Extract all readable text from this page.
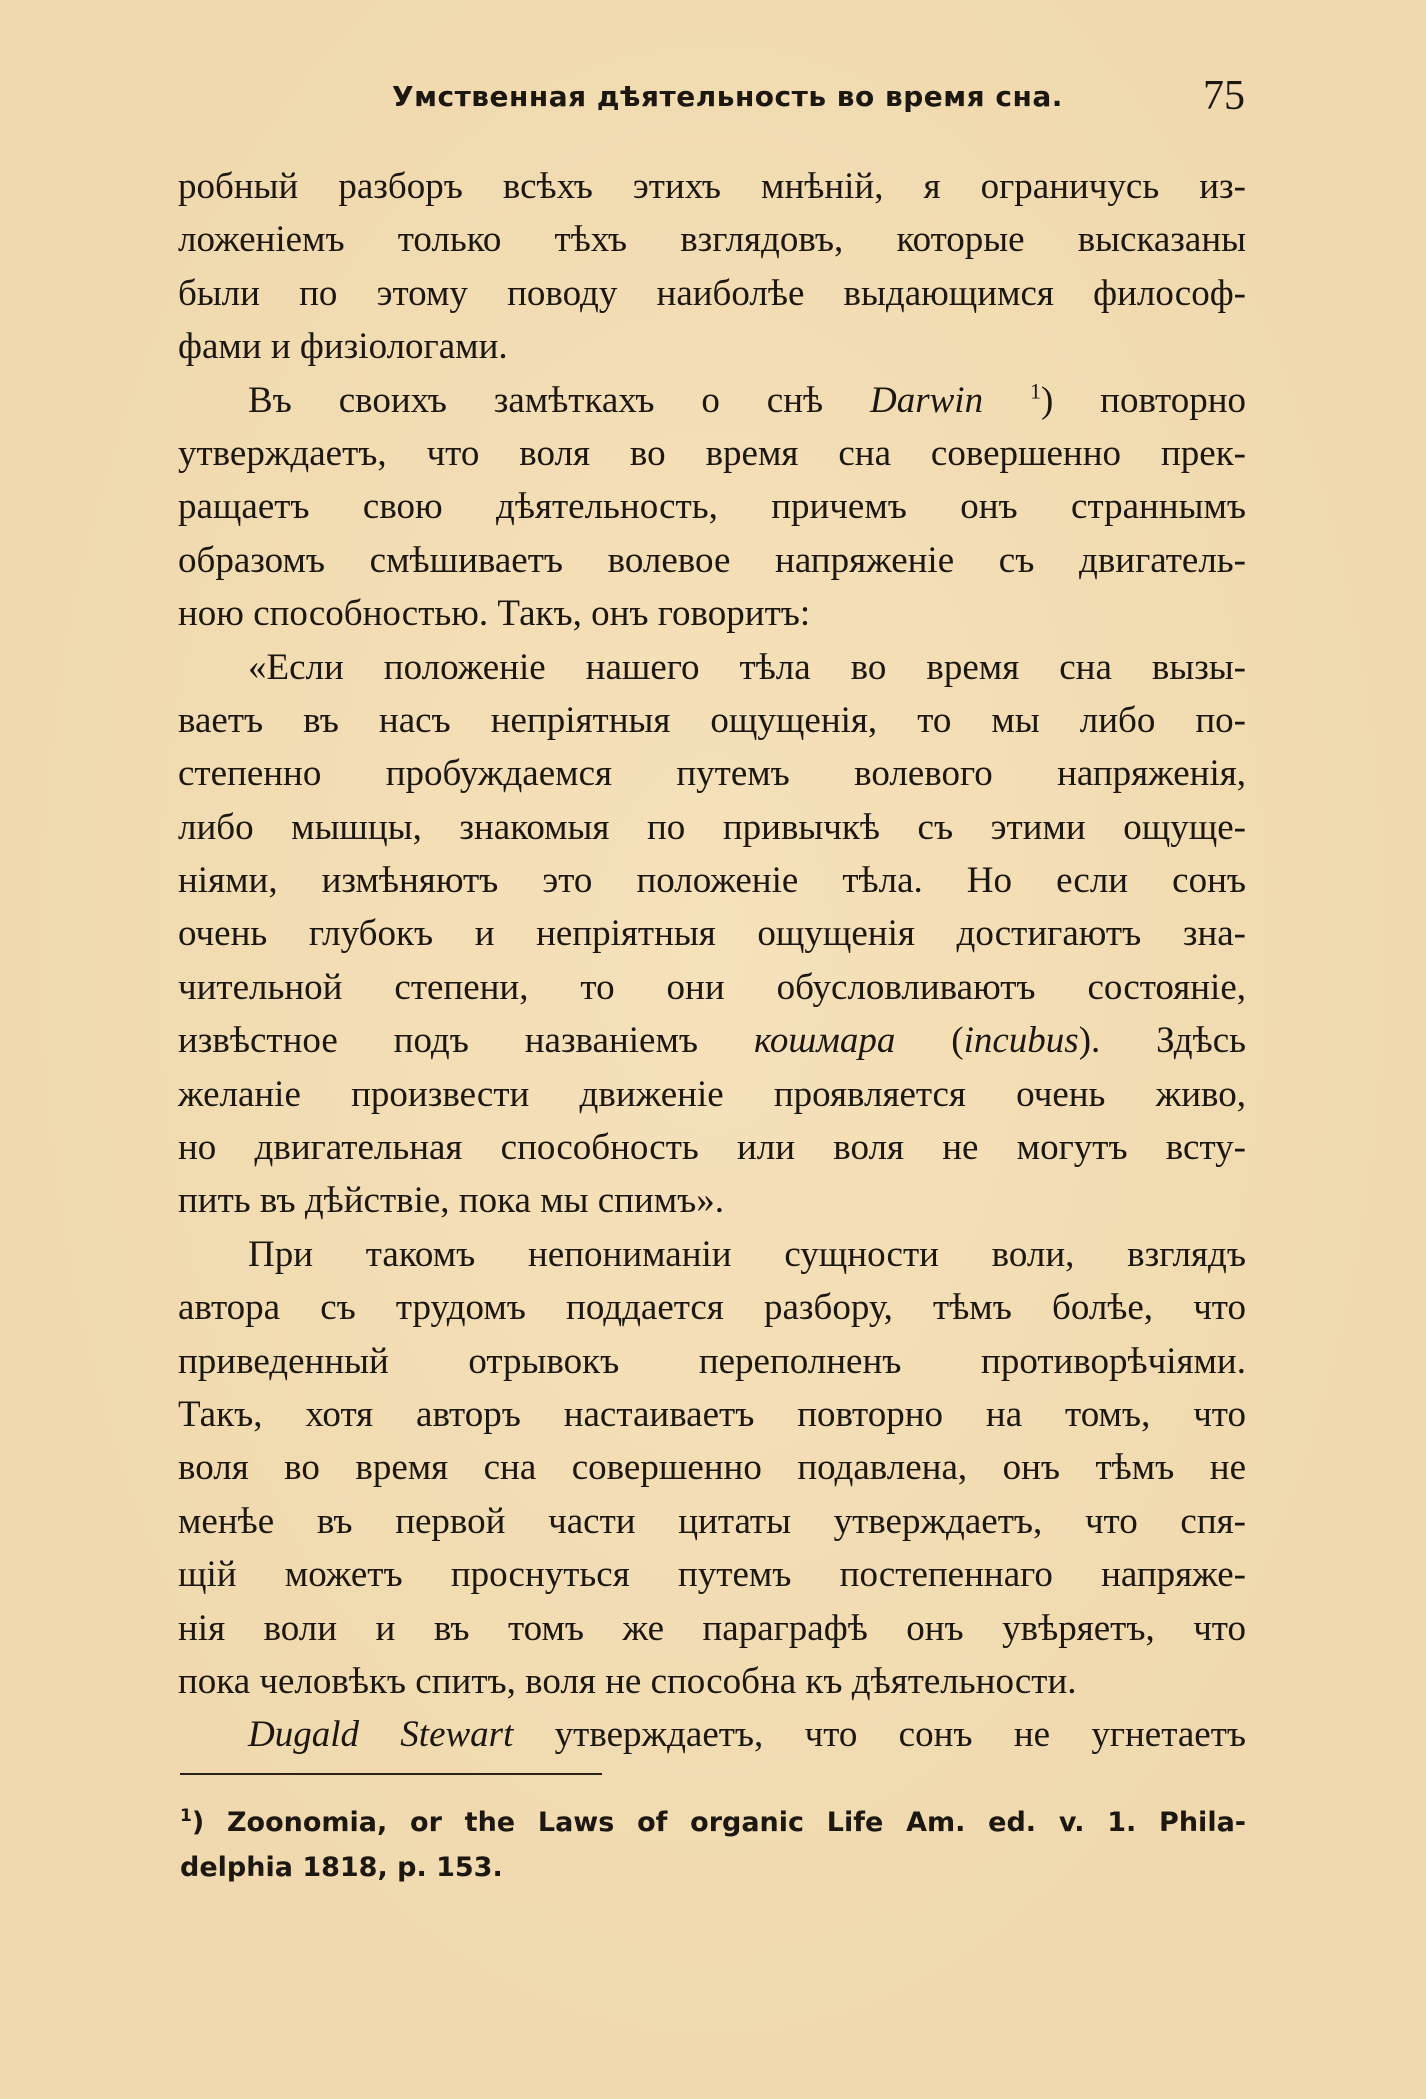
Умственная дѣятельность во время сна.	75
робный разборъ всѣхъ этихъ мнѣній, я ограничусь из-
ложеніемъ только тѣхъ взглядовъ, которые высказаны
были по этому поводу наиболѣе выдающимся философ-
фами и физіологами.
Въ своихъ замѣткахъ о снѣ Darwin $^1$) повторно
утверждаетъ, что воля во время сна совершенно прек-
ращаетъ свою дѣятельность, причемъ онъ страннымъ
образомъ смѣшиваетъ волевое напряженіе съ двигатель-
ною способностью. Такъ, онъ говоритъ:
«Если положеніе нашего тѣла во время сна вызы-
ваетъ въ насъ непріятныя ощущенія, то мы либо по-
степенно пробуждаемся путемъ волевого напряженія,
либо мышцы, знакомыя по привычкѣ съ этими ощуще-
ніями, измѣняютъ это положеніе тѣла. Но если сонъ
очень глубокъ и непріятныя ощущенія достигаютъ зна-
чительной степени, то они обусловливаютъ состояніе,
извѣстное подъ названіемъ кошмара (incubus). Здѣсь
желаніе произвести движеніе проявляется очень живо,
но двигательная способность или воля не могутъ всту-
пить въ дѣйствіе, пока мы спимъ».
При такомъ непониманіи сущности воли, взглядъ
автора съ трудомъ поддается разбору, тѣмъ болѣе, что
приведенный отрывокъ переполненъ противорѣчіями.
Такъ, хотя авторъ настаиваетъ повторно на томъ, что
воля во время сна совершенно подавлена, онъ тѣмъ не
менѣе въ первой части цитаты утверждаетъ, что спя-
щій можетъ проснуться путемъ постепеннаго напряже-
нія воли и въ томъ же параграфѣ онъ увѣряетъ, что
пока человѣкъ спитъ, воля не способна къ дѣятельности.
Dugald Stewart утверждаетъ, что сонъ не угнетаетъ
$^1$) Zoonomia, or the Laws of organic Life Am. ed. v. 1. Phila-
delphia 1818, p. 153.
